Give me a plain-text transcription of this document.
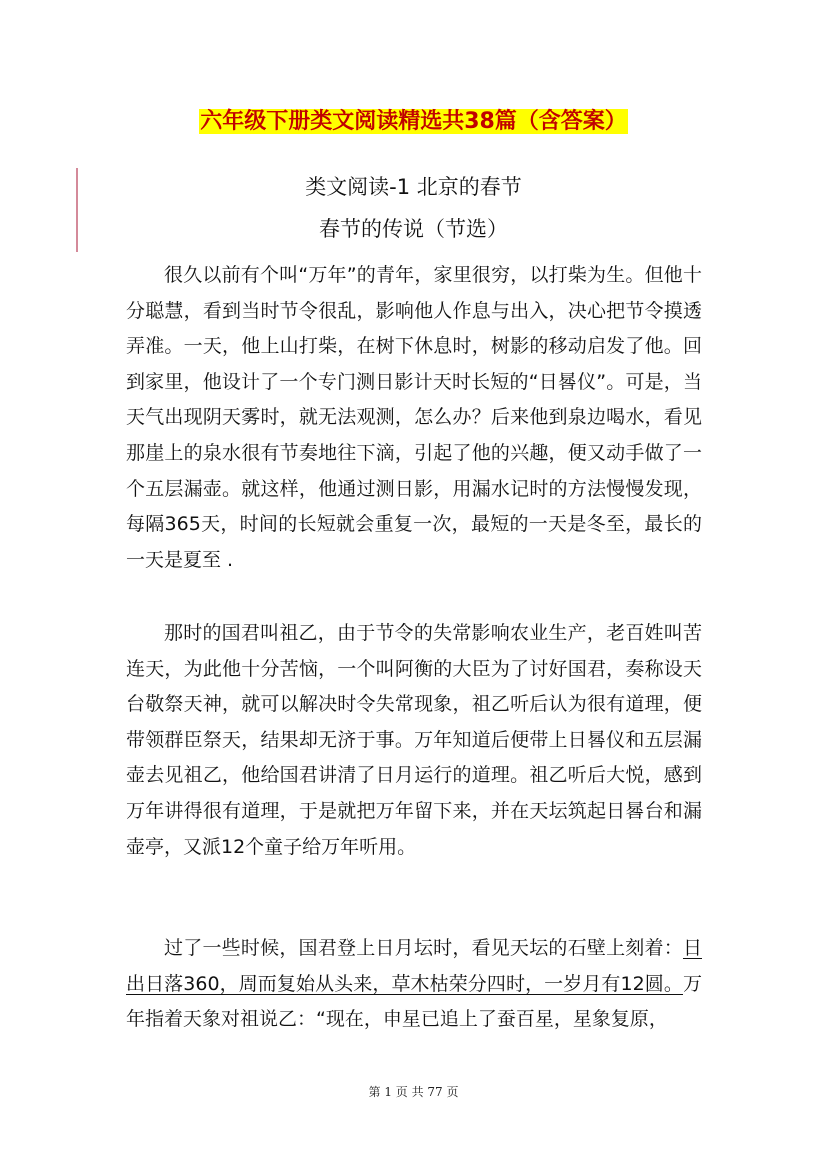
六年级下册类文阅读精选共38篇（含答案）
类文阅读-1 北京的春节
春节的传说（节选）

很久以前有个叫“万年”的青年，家里很穷，以打柴为生。但他十分聪慧，看到当时节令很乱，影响他人作息与出入，决心把节令摸透弄准。一天，他上山打柴，在树下休息时，树影的移动启发了他。回到家里，他设计了一个专门测日影计天时长短的“日晷仪”。可是，当天气出现阴天雾时，就无法观测，怎么办？后来他到泉边喝水，看见那崖上的泉水很有节奏地往下滴，引起了他的兴趣，便又动手做了一个五层漏壶。就这样，他通过测日影，用漏水记时的方法慢慢发现，每隔365天，时间的长短就会重复一次，最短的一天是冬至，最长的一天是夏至 .

那时的国君叫祖乙，由于节令的失常影响农业生产，老百姓叫苦连天，为此他十分苦恼，一个叫阿衡的大臣为了讨好国君，奏称设天台敬祭天神，就可以解决时令失常现象，祖乙听后认为很有道理，便带领群臣祭天，结果却无济于事。万年知道后便带上日晷仪和五层漏壶去见祖乙，他给国君讲清了日月运行的道理。祖乙听后大悦，感到万年讲得很有道理，于是就把万年留下来，并在天坛筑起日晷台和漏壶亭，又派12个童子给万年听用。

过了一些时候，国君登上日月坛时，看见天坛的石壁上刻着：日出日落360，周而复始从头来，草木枯荣分四时，一岁月有12圆。万年指着天象对祖说乙：“现在，申星已追上了蚕百星，星象复原，

第 1 页 共 77 页
